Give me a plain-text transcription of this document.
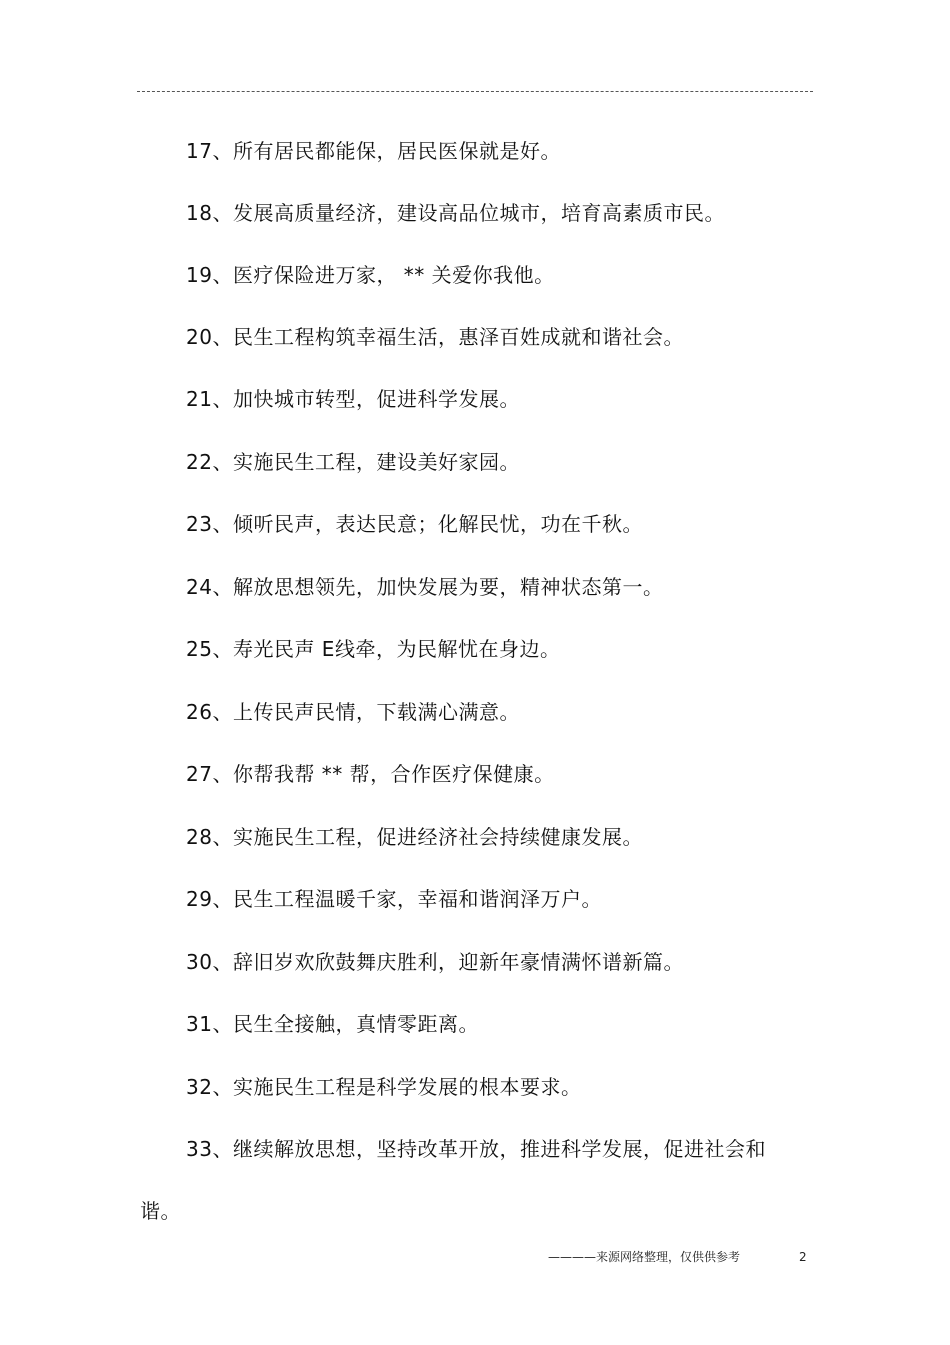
17、所有居民都能保，居民医保就是好。
18、发展高质量经济，建设高品位城市，培育高素质市民。
19、医疗保险进万家， ** 关爱你我他。
20、民生工程构筑幸福生活，惠泽百姓成就和谐社会。
21、加快城市转型，促进科学发展。
22、实施民生工程，建设美好家园。
23、倾听民声，表达民意；化解民忧，功在千秋。
24、解放思想领先，加快发展为要，精神状态第一。
25、寿光民声 E线牵，为民解忧在身边。
26、上传民声民情，下载满心满意。
27、你帮我帮 ** 帮，合作医疗保健康。
28、实施民生工程，促进经济社会持续健康发展。
29、民生工程温暖千家，幸福和谐润泽万户。
30、辞旧岁欢欣鼓舞庆胜利，迎新年豪情满怀谱新篇。
31、民生全接触，真情零距离。
32、实施民生工程是科学发展的根本要求。
33、继续解放思想，坚持改革开放，推进科学发展，促进社会和
谐。
————来源网络整理，仅供供参考	2
